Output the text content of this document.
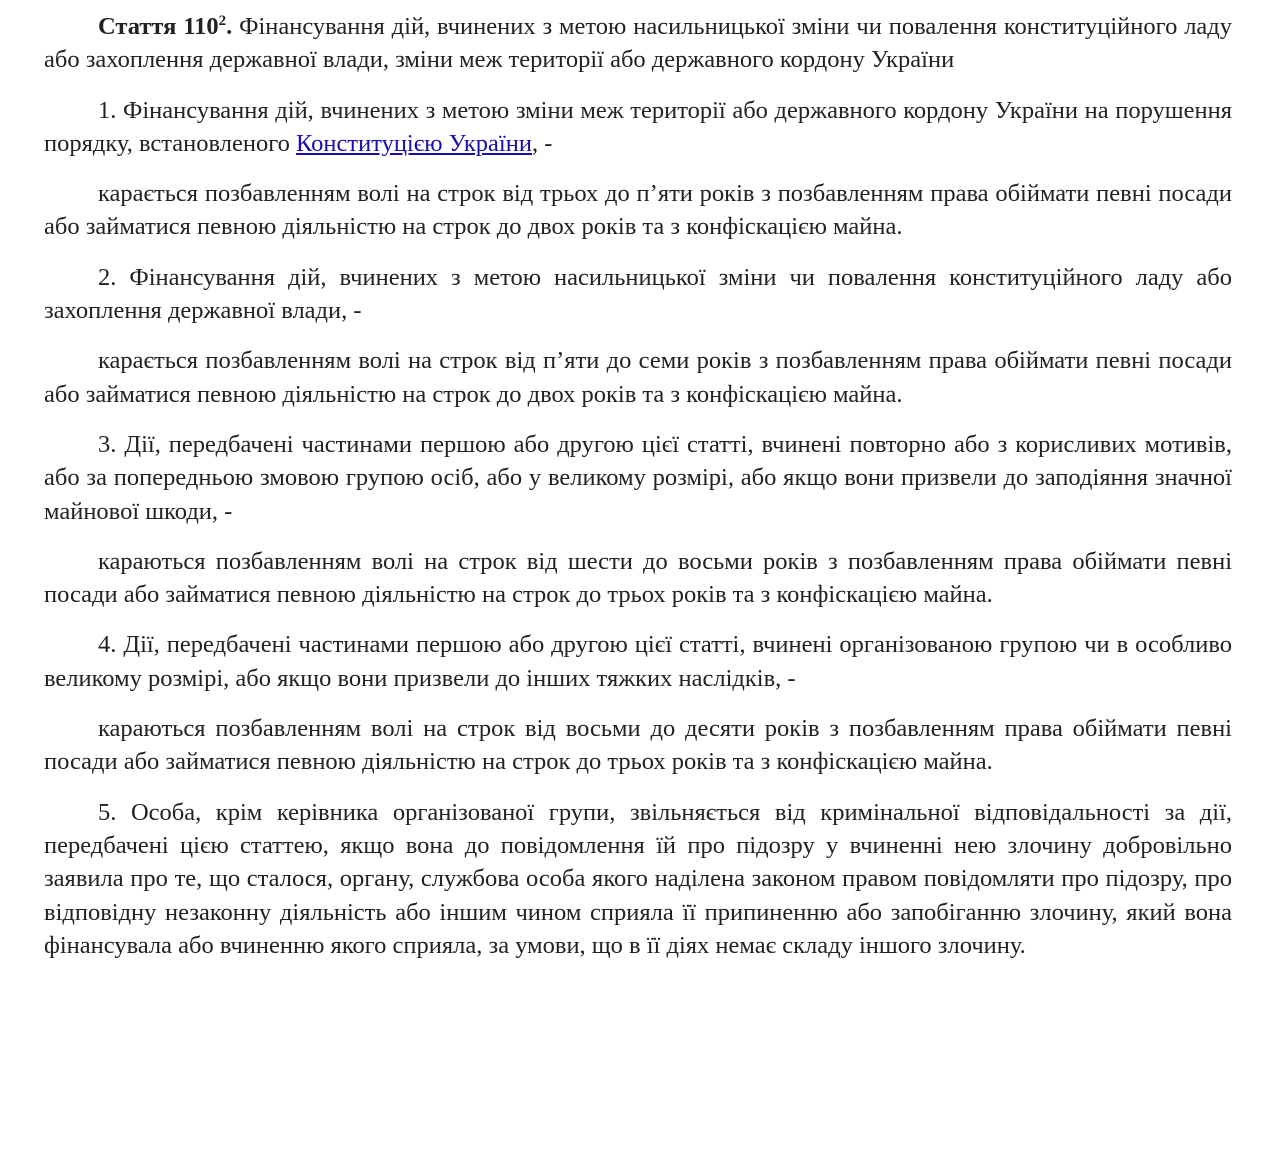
Стаття $110^2$. Фінансування дій, вчинених з метою насильницької зміни чи повалення конституційного ладу або захоплення державної влади, зміни меж території або державного кордону України

1. Фінансування дій, вчинених з метою зміни меж території або державного кордону України на порушення порядку, встановленого Конституцією України, -

карається позбавленням волі на строк від трьох до п’яти років з позбавленням права обіймати певні посади або займатися певною діяльністю на строк до двох років та з конфіскацією майна.

2. Фінансування дій, вчинених з метою насильницької зміни чи повалення конституційного ладу або захоплення державної влади, -

карається позбавленням волі на строк від п’яти до семи років з позбавленням права обіймати певні посади або займатися певною діяльністю на строк до двох років та з конфіскацією майна.

3. Дії, передбачені частинами першою або другою цієї статті, вчинені повторно або з корисливих мотивів, або за попередньою змовою групою осіб, або у великому розмірі, або якщо вони призвели до заподіяння значної майнової шкоди, -

караються позбавленням волі на строк від шести до восьми років з позбавленням права обіймати певні посади або займатися певною діяльністю на строк до трьох років та з конфіскацією майна.

4. Дії, передбачені частинами першою або другою цієї статті, вчинені організованою групою чи в особливо великому розмірі, або якщо вони призвели до інших тяжких наслідків, -

караються позбавленням волі на строк від восьми до десяти років з позбавленням права обіймати певні посади або займатися певною діяльністю на строк до трьох років та з конфіскацією майна.

5. Особа, крім керівника організованої групи, звільняється від кримінальної відповідальності за дії, передбачені цією статтею, якщо вона до повідомлення їй про підозру у вчиненні нею злочину добровільно заявила про те, що сталося, органу, службова особа якого наділена законом правом повідомляти про підозру, про відповідну незаконну діяльність або іншим чином сприяла її припиненню або запобіганню злочину, який вона фінансувала або вчиненню якого сприяла, за умови, що в її діях немає складу іншого злочину.
